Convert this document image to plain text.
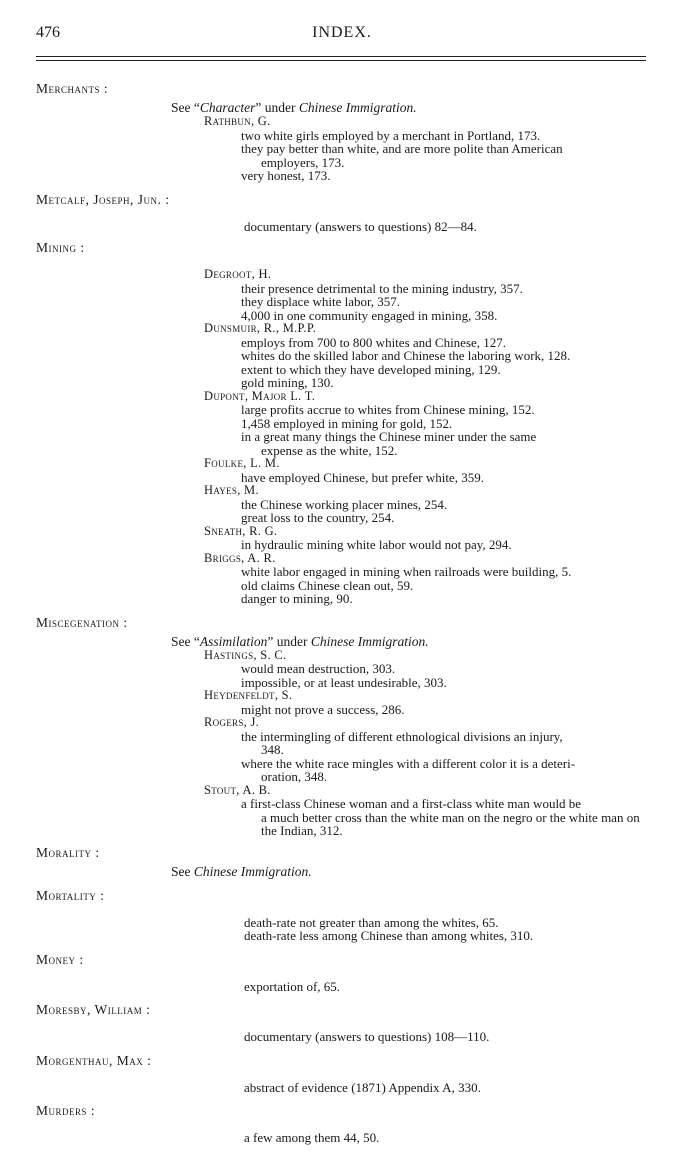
476	INDEX.
Merchants :
See “Character” under Chinese Immigration.
Rathbun, G.
two white girls employed by a merchant in Portland, 173.
they pay better than white, and are more polite than American
employers, 173.
very honest, 173.
Metcalf, Joseph, Jun. :
documentary (answers to questions) 82—84.
Mining :
Degroot, H.
their presence detrimental to the mining industry, 357.
they displace white labor, 357.
4,000 in one community engaged in mining, 358.
Dunsmuir, R., M.P.P.
employs from 700 to 800 whites and Chinese, 127.
whites do the skilled labor and Chinese the laboring work, 128.
extent to which they have developed mining, 129.
gold mining, 130.
Dupont, Major L. T.
large profits accrue to whites from Chinese mining, 152.
1,458 employed in mining for gold, 152.
in a great many things the Chinese miner under the same
expense as the white, 152.
Foulke, L. M.
have employed Chinese, but prefer white, 359.
Hayes, M.
the Chinese working placer mines, 254.
great loss to the country, 254.
Sneath, R. G.
in hydraulic mining white labor would not pay, 294.
Briggs, A. R.
white labor engaged in mining when railroads were building, 5.
old claims Chinese clean out, 59.
danger to mining, 90.
Miscegenation :
See “Assimilation” under Chinese Immigration.
Hastings, S. C.
would mean destruction, 303.
impossible, or at least undesirable, 303.
Heydenfeldt, S.
might not prove a success, 286.
Rogers, J.
the intermingling of different ethnological divisions an injury,
348.
where the white race mingles with a different color it is a deteri-
oration, 348.
Stout, A. B.
a first-class Chinese woman and a first-class white man would be
a much better cross than the white man on the negro or the white man on the Indian, 312.
Morality :
See Chinese Immigration.
Mortality :
death-rate not greater than among the whites, 65.
death-rate less among Chinese than among whites, 310.
Money :
exportation of, 65.
Moresby, William :
documentary (answers to questions) 108—110.
Morgenthau, Max :
abstract of evidence (1871) Appendix A, 330.
Murders :
a few among them 44, 50.
